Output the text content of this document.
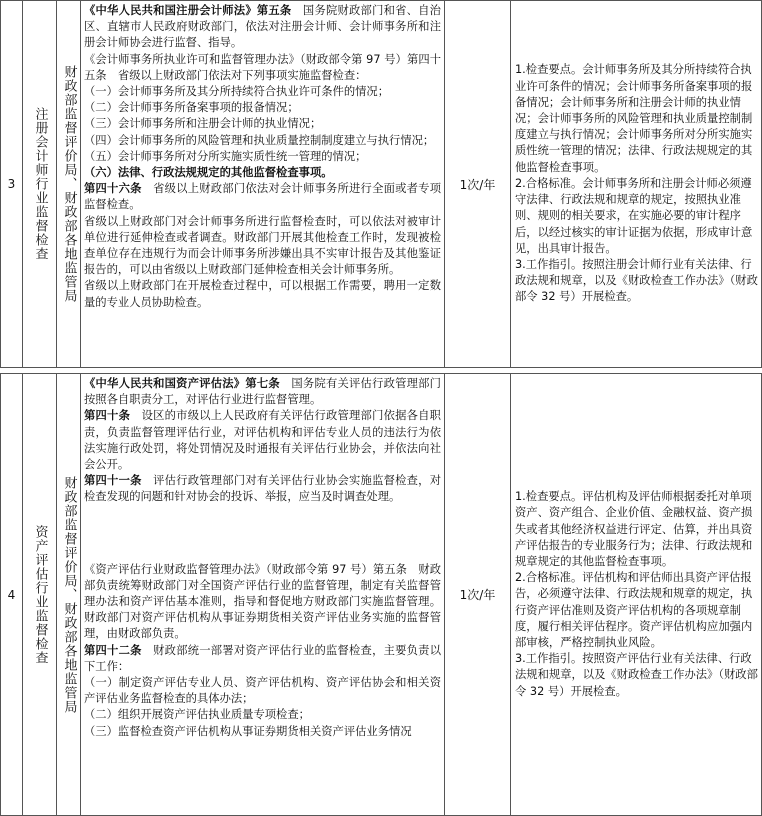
3 注册会计师行业监督检查 财政部监督评价局、财政部各地监管局

《中华人民共和国注册会计师法》第五条　国务院财政部门和省、自治区、直辖市人民政府财政部门，依法对注册会计师、会计师事务所和注册会计师协会进行监督、指导。

《会计师事务所执业许可和监督管理办法》（财政部令第 97 号）第四十五条　省级以上财政部门依法对下列事项实施监督检查：

（一）会计师事务所及其分所持续符合执业许可条件的情况；

（二）会计师事务所备案事项的报备情况；

（三）会计师事务所和注册会计师的执业情况；

（四）会计师事务所的风险管理和执业质量控制制度建立与执行情况；

（五）会计师事务所对分所实施实质性统一管理的情况；

（六）法律、行政法规规定的其他监督检查事项。

第四十六条　省级以上财政部门依法对会计师事务所进行全面或者专项监督检查。

省级以上财政部门对会计师事务所进行监督检查时，可以依法对被审计单位进行延伸检查或者调查。财政部门开展其他检查工作时，发现被检查单位存在违规行为而会计师事务所涉嫌出具不实审计报告及其他鉴证报告的，可以由省级以上财政部门延伸检查相关会计师事务所。

省级以上财政部门在开展检查过程中，可以根据工作需要，聘用一定数量的专业人员协助检查。

1次/年

1.检查要点。会计师事务所及其分所持续符合执业许可条件的情况；会计师事务所备案事项的报备情况；会计师事务所和注册会计师的执业情况；会计师事务所的风险管理和执业质量控制制度建立与执行情况；会计师事务所对分所实施实质性统一管理的情况；法律、行政法规规定的其他监督检查事项。

2.合格标准。会计师事务所和注册会计师必须遵守法律、行政法规和规章的规定，按照执业准则、规则的相关要求，在实施必要的审计程序后，以经过核实的审计证据为依据，形成审计意见，出具审计报告。

3.工作指引。按照注册会计师行业有关法律、行政法规和规章，以及《财政检查工作办法》（财政部令 32 号）开展检查。

4 资产评估行业监督检查 财政部监督评价局、财政部各地监管局

《中华人民共和国资产评估法》第七条　国务院有关评估行政管理部门按照各自职责分工，对评估行业进行监督管理。

第四十条　设区的市级以上人民政府有关评估行政管理部门依据各自职责，负责监督管理评估行业，对评估机构和评估专业人员的违法行为依法实施行政处罚，将处罚情况及时通报有关评估行业协会，并依法向社会公开。

第四十一条　评估行政管理部门对有关评估行业协会实施监督检查，对检查发现的问题和针对协会的投诉、举报，应当及时调查处理。

《资产评估行业财政监督管理办法》（财政部令第 97 号）第五条　财政部负责统筹财政部门对全国资产评估行业的监督管理，制定有关监督管理办法和资产评估基本准则，指导和督促地方财政部门实施监督管理。财政部门对资产评估机构从事证券期货相关资产评估业务实施的监督管理，由财政部负责。

第四十二条　财政部统一部署对资产评估行业的监督检查，主要负责以下工作：

（一）制定资产评估专业人员、资产评估机构、资产评估协会和相关资产评估业务监督检查的具体办法；

（二）组织开展资产评估执业质量专项检查；

（三）监督检查资产评估机构从事证券期货相关资产评估业务情况

1次/年

1.检查要点。评估机构及评估师根据委托对单项资产、资产组合、企业价值、金融权益、资产损失或者其他经济权益进行评定、估算，并出具资产评估报告的专业服务行为；法律、行政法规和规章规定的其他监督检查事项。

2.合格标准。评估机构和评估师出具资产评估报告，必须遵守法律、行政法规和规章的规定，执行资产评估准则及资产评估机构的各项规章制度，履行相关评估程序。资产评估机构应加强内部审核，严格控制执业风险。

3.工作指引。按照资产评估行业有关法律、行政法规和规章，以及《财政检查工作办法》（财政部令 32 号）开展检查。
